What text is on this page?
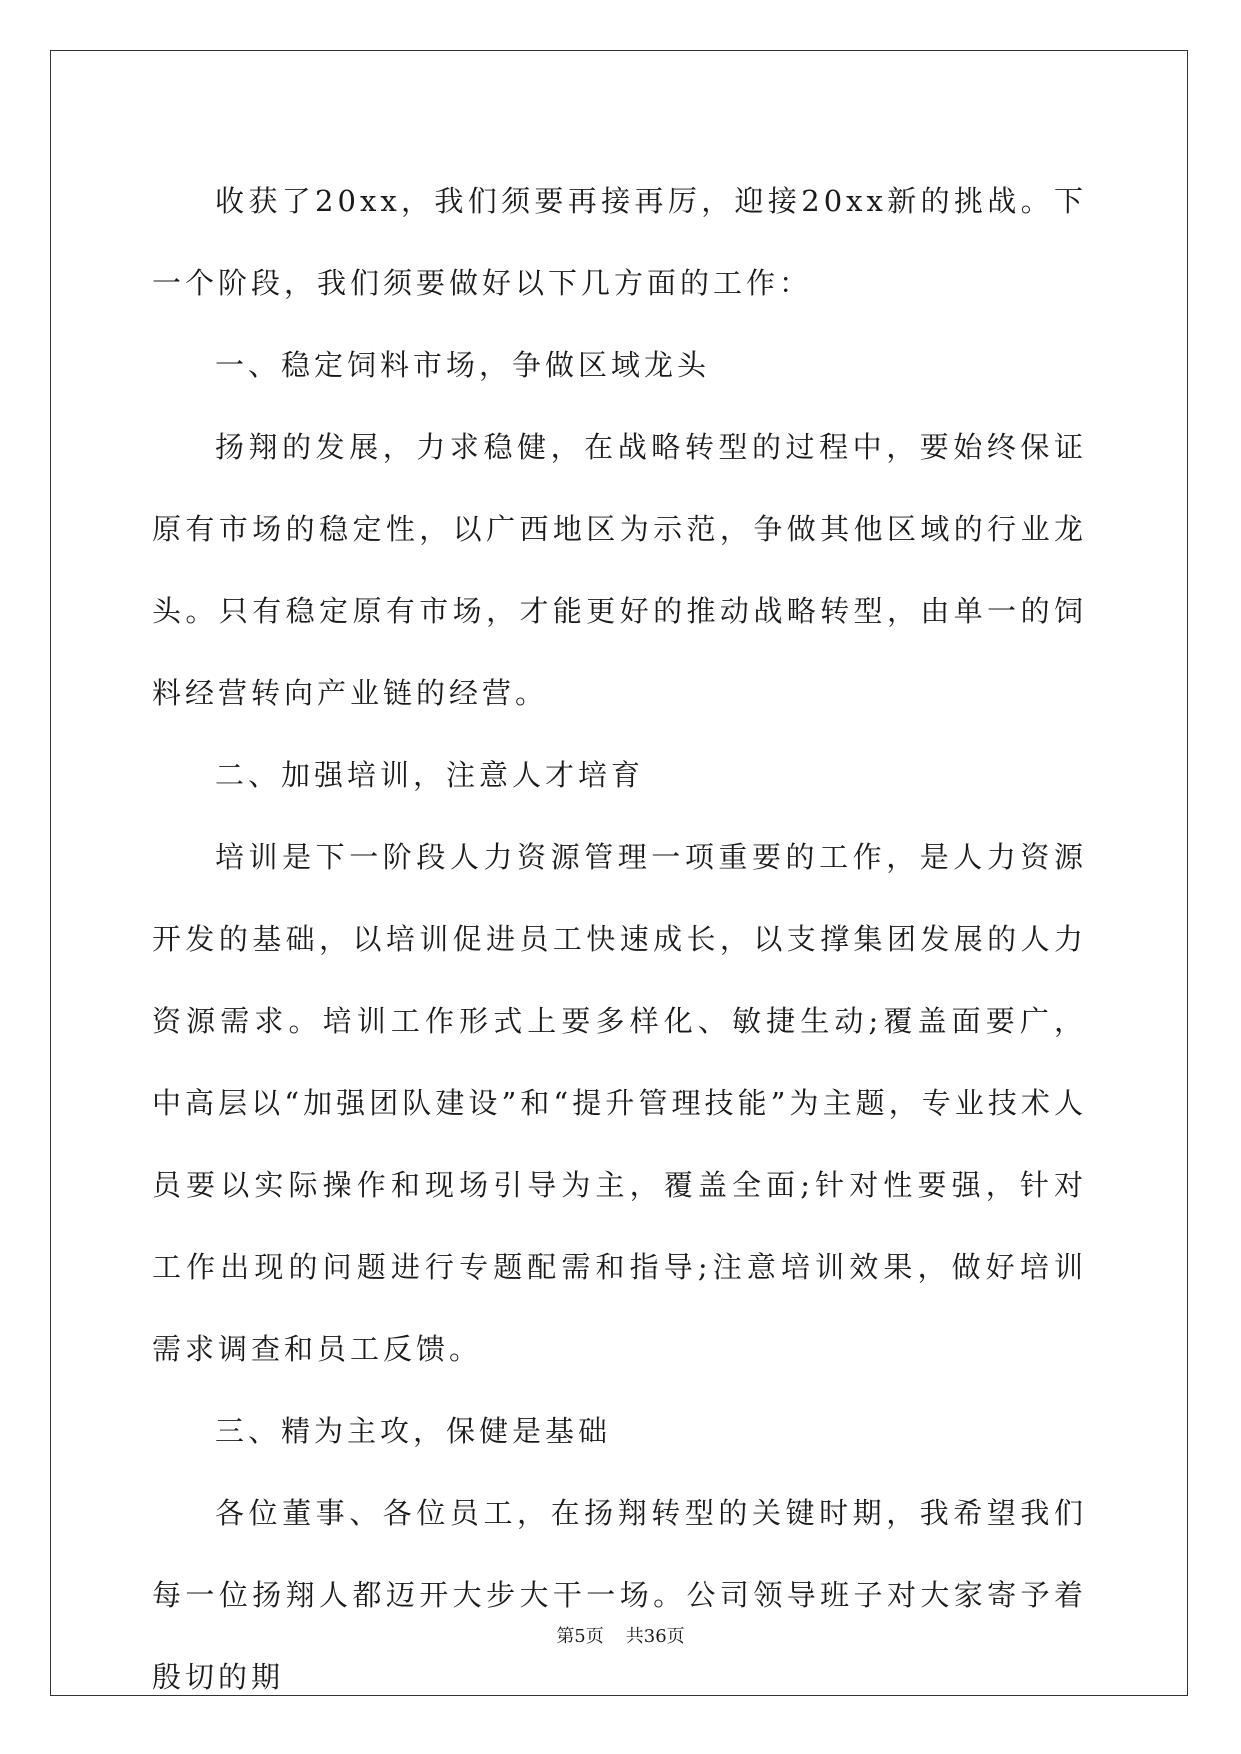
收获了20xx，我们须要再接再厉，迎接20xx新的挑战。下一个阶段，我们须要做好以下几方面的工作：

一、稳定饲料市场，争做区域龙头

扬翔的发展，力求稳健，在战略转型的过程中，要始终保证原有市场的稳定性，以广西地区为示范，争做其他区域的行业龙头。只有稳定原有市场，才能更好的推动战略转型，由单一的饲料经营转向产业链的经营。

二、加强培训，注意人才培育

培训是下一阶段人力资源管理一项重要的工作，是人力资源开发的基础，以培训促进员工快速成长，以支撑集团发展的人力资源需求。培训工作形式上要多样化、敏捷生动;覆盖面要广，中高层以“加强团队建设”和“提升管理技能”为主题，专业技术人员要以实际操作和现场引导为主，覆盖全面;针对性要强，针对工作出现的问题进行专题配需和指导;注意培训效果，做好培训需求调查和员工反馈。

三、精为主攻，保健是基础

各位董事、各位员工，在扬翔转型的关键时期，我希望我们每一位扬翔人都迈开大步大干一场。公司领导班子对大家寄予着殷切的期

第5页 共36页
